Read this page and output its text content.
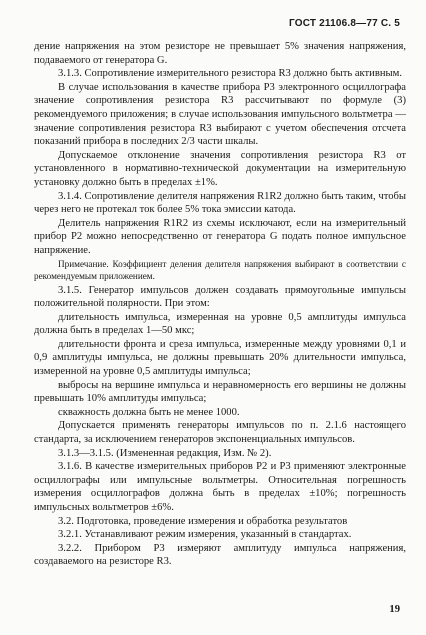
ГОСТ 21106.8—77 С. 5

дение напряжения на этом резисторе не превышает 5% значения напряжения, подаваемого от генератора G.

3.1.3. Сопротивление измерительного резистора R3 должно быть активным.

В случае использования в качестве прибора P3 электронного осциллографа значение сопротивления резистора R3 рассчитывают по формуле (3) рекомендуемого приложения; в случае использования импульсного вольтметра — значение сопротивления резистора R3 выбирают с учетом обеспечения отсчета показаний прибора в последних 2/3 части шкалы.

Допускаемое отклонение значения сопротивления резистора R3 от установленного в нормативно-технической документации на измерительную установку должно быть в пределах ±1%.

3.1.4. Сопротивление делителя напряжения R1R2 должно быть таким, чтобы через него не протекал ток более 5% тока эмиссии катода.

Делитель напряжения R1R2 из схемы исключают, если на измерительный прибор P2 можно непосредственно от генератора G подать полное импульсное напряжение.

Примечание. Коэффициент деления делителя напряжения выбирают в соответствии с рекомендуемым приложением.

3.1.5. Генератор импульсов должен создавать прямоугольные импульсы положительной полярности. При этом:

длительность импульса, измеренная на уровне 0,5 амплитуды импульса должна быть в пределах 1—50 мкс;

длительности фронта и среза импульса, измеренные между уровнями 0,1 и 0,9 амплитуды импульса, не должны превышать 20% длительности импульса, измеренной на уровне 0,5 амплитуды импульса;

выбросы на вершине импульса и неравномерность его вершины не должны превышать 10% амплитуды импульса;

скважность должна быть не менее 1000.

Допускается применять генераторы импульсов по п. 2.1.6 настоящего стандарта, за исключением генераторов экспоненциальных импульсов.

3.1.3—3.1.5. (Измененная редакция, Изм. № 2).

3.1.6. В качестве измерительных приборов P2 и P3 применяют электронные осциллографы или импульсные вольтметры. Относительная погрешность измерения осциллографов должна быть в пределах ±10%; погрешность импульсных вольтметров ±6%.

3.2. Подготовка, проведение измерения и обработка результатов

3.2.1. Устанавливают режим измерения, указанный в стандартах.

3.2.2. Прибором P3 измеряют амплитуду импульса напряжения, создаваемого на резисторе R3.

19
